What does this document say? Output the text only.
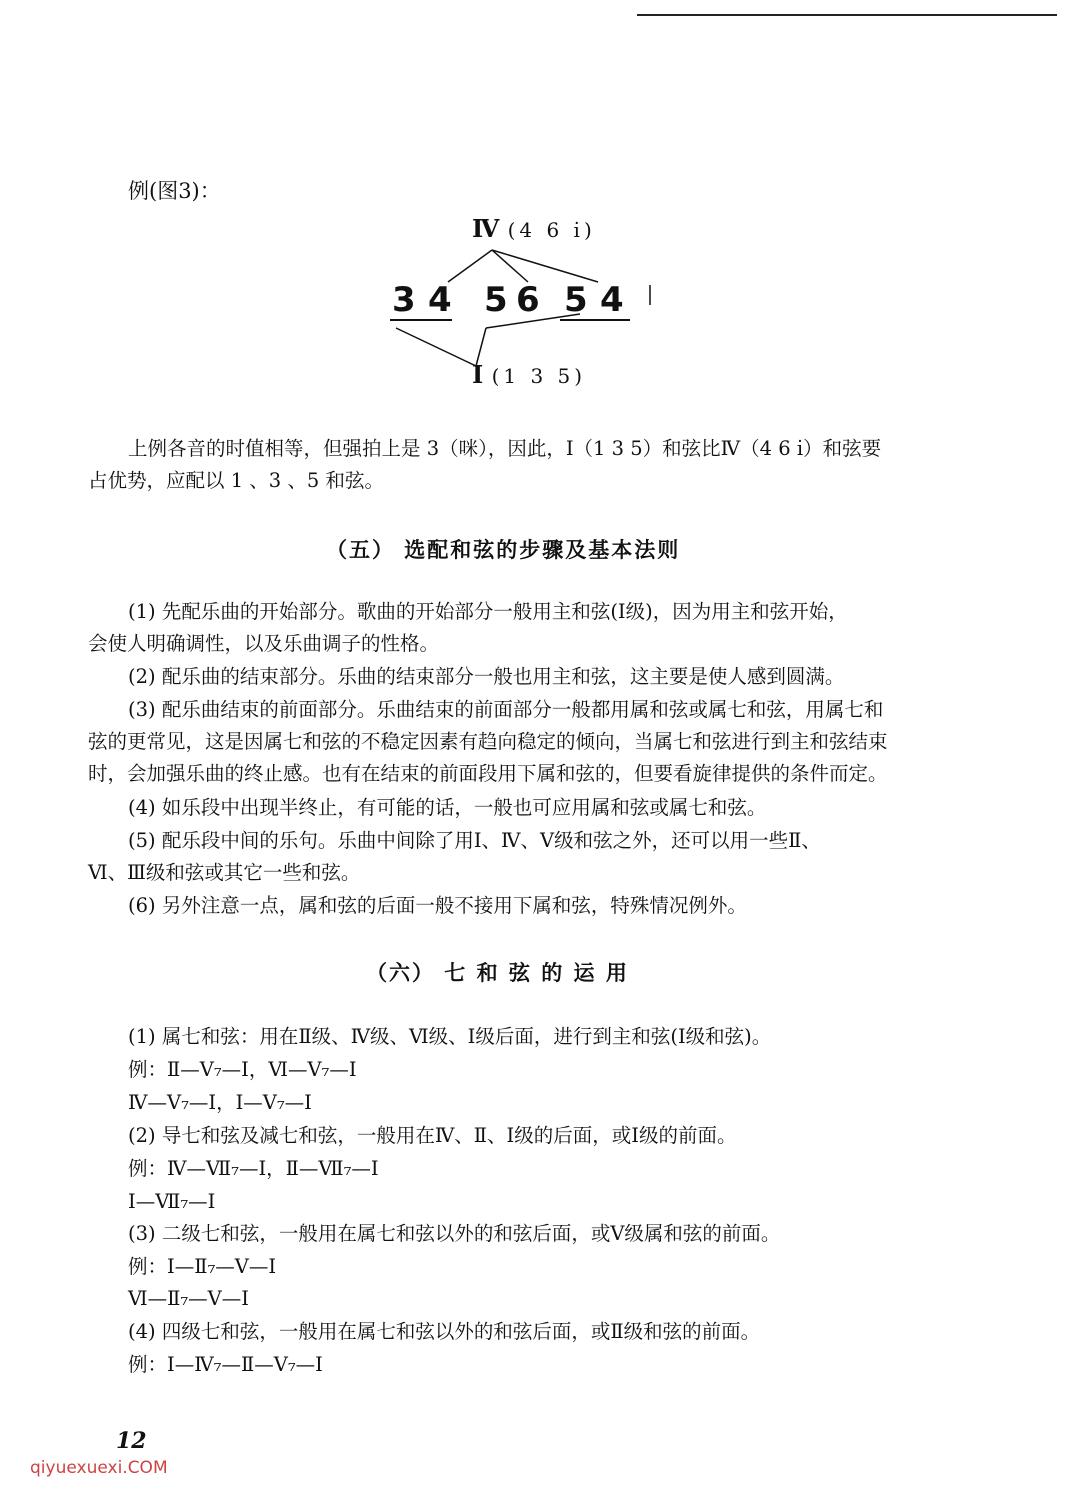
例(图3)：
Ⅳ (4 6 i̇)
3 4 5 6 5 4
Ⅰ (1 3 5)
上例各音的时值相等，但强拍上是 3（咪），因此，Ⅰ（1 3 5）和弦比Ⅳ（4 6 i̇）和弦要
占优势，应配以 1 、3 、5 和弦。
（五） 选配和弦的步骤及基本法则
(1) 先配乐曲的开始部分。歌曲的开始部分一般用主和弦(Ⅰ级)，因为用主和弦开始，
会使人明确调性，以及乐曲调子的性格。
(2) 配乐曲的结束部分。乐曲的结束部分一般也用主和弦，这主要是使人感到圆满。
(3) 配乐曲结束的前面部分。乐曲结束的前面部分一般都用属和弦或属七和弦，用属七和
弦的更常见，这是因属七和弦的不稳定因素有趋向稳定的倾向，当属七和弦进行到主和弦结束
时，会加强乐曲的终止感。也有在结束的前面段用下属和弦的，但要看旋律提供的条件而定。
(4) 如乐段中出现半终止，有可能的话，一般也可应用属和弦或属七和弦。
(5) 配乐段中间的乐句。乐曲中间除了用Ⅰ、Ⅳ、Ⅴ级和弦之外，还可以用一些Ⅱ、
Ⅵ、Ⅲ级和弦或其它一些和弦。
(6) 另外注意一点，属和弦的后面一般不接用下属和弦，特殊情况例外。
（六） 七 和 弦 的 运 用
(1) 属七和弦：用在Ⅱ级、Ⅳ级、Ⅵ级、Ⅰ级后面，进行到主和弦(Ⅰ级和弦)。
例：Ⅱ—Ⅴ₇—Ⅰ，Ⅵ—Ⅴ₇—Ⅰ
Ⅳ—Ⅴ₇—Ⅰ，Ⅰ—Ⅴ₇—Ⅰ
(2) 导七和弦及减七和弦，一般用在Ⅳ、Ⅱ、Ⅰ级的后面，或Ⅰ级的前面。
例：Ⅳ—Ⅶ₇—Ⅰ，Ⅱ—Ⅶ₇—Ⅰ
Ⅰ—Ⅶ₇—Ⅰ
(3) 二级七和弦，一般用在属七和弦以外的和弦后面，或Ⅴ级属和弦的前面。
例：Ⅰ—Ⅱ₇—Ⅴ—Ⅰ
Ⅵ—Ⅱ₇—Ⅴ—Ⅰ
(4) 四级七和弦，一般用在属七和弦以外的和弦后面，或Ⅱ级和弦的前面。
例：Ⅰ—Ⅳ₇—Ⅱ—Ⅴ₇—Ⅰ
12
qiyuexuexi.COM
